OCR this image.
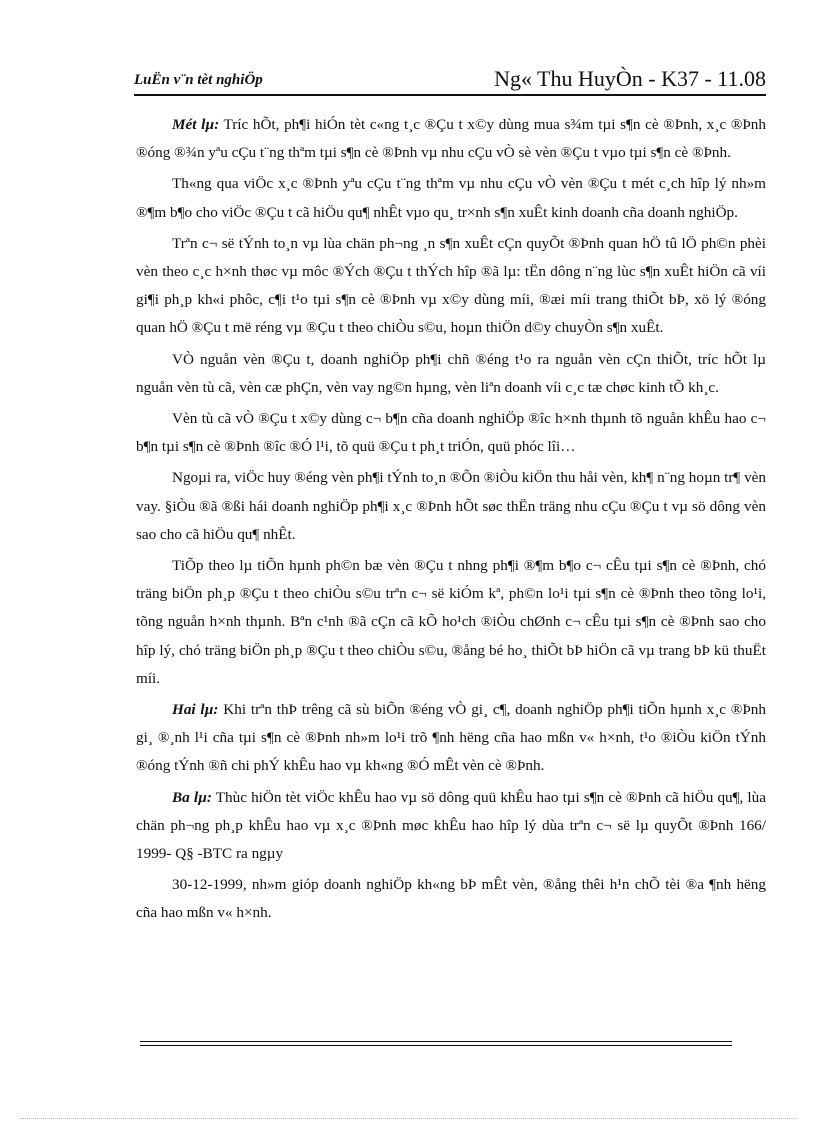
LuËn v¨n tèt nghiÖp	Ng« Thu HuyÒn - K37 - 11.08

Mét lµ: Tríc hÕt, ph¶i hiÓn tèt c«ng t¸c ®Çu t x©y dùng mua s¾m tµi s¶n cè ®Þnh, x¸c ®Þnh ®óng ®¾n yªu cÇu t¨ng thªm tµi s¶n cè ®Þnh vµ nhu cÇu vÒ sè vèn ®Çu t vµo tµi s¶n cè ®Þnh.

Th«ng qua viÖc x¸c ®Þnh yªu cÇu t¨ng thªm vµ nhu cÇu vÒ vèn ®Çu t mét c¸ch hîp lý nh»m ®¶m b¶o cho viÖc ®Çu t cã hiÖu qu¶ nhÊt vµo qu¸ tr×nh s¶n xuÊt kinh doanh cña doanh nghiÖp.

Trªn c¬ së tÝnh to¸n vµ lùa chän ph¬ng ¸n s¶n xuÊt cÇn quyÕt ®Þnh quan hÖ tû lÖ ph©n phèi vèn theo c¸c h×nh thøc vµ môc ®Ých ®Çu t thÝch hîp ®ã lµ: tËn dông n¨ng lùc s¶n xuÊt hiÖn cã víi gi¶i ph¸p kh«i phôc, c¶i t¹o tµi s¶n cè ®Þnh vµ x©y dùng míi, ®æi míi trang thiÕt bÞ, xö lý ®óng quan hÖ ®Çu t më réng vµ ®Çu t theo chiÒu s©u, hoµn thiÖn d©y chuyÒn s¶n xuÊt.

VÒ nguån vèn ®Çu t, doanh nghiÖp ph¶i chñ ®éng t¹o ra nguån vèn cÇn thiÕt, tríc hÕt lµ nguån vèn tù cã, vèn cæ phÇn, vèn vay ng©n hµng, vèn liªn doanh víi c¸c tæ chøc kinh tÕ kh¸c.

Vèn tù cã vÒ ®Çu t x©y dùng c¬ b¶n cña doanh nghiÖp ®îc h×nh thµnh tõ nguån khÊu hao c¬ b¶n tµi s¶n cè ®Þnh ®îc ®Ó l¹i, tõ quü ®Çu t ph¸t triÓn, quü phóc lîi…

Ngoµi ra, viÖc huy ®éng vèn ph¶i tÝnh to¸n ®Õn ®iÒu kiÖn thu håi vèn, kh¶ n¨ng hoµn tr¶ vèn vay. §iÒu ®ã ®ßi hái doanh nghiÖp ph¶i x¸c ®Þnh hÕt søc thËn träng nhu cÇu ®Çu t vµ sö dông vèn sao cho cã hiÖu qu¶ nhÊt.

TiÕp theo lµ tiÕn hµnh ph©n bæ vèn ®Çu t nhng ph¶i ®¶m b¶o c¬ cÊu tµi s¶n cè ®Þnh, chó träng biÖn ph¸p ®Çu t theo chiÒu s©u trªn c¬ së kiÓm kª, ph©n lo¹i tµi s¶n cè ®Þnh theo tõng lo¹i, tõng nguån h×nh thµnh. Bªn c¹nh ®ã cÇn cã kÕ ho¹ch ®iÒu chØnh c¬ cÊu tµi s¶n cè ®Þnh sao cho hîp lý, chó träng biÖn ph¸p ®Çu t theo chiÒu s©u, ®ång bé ho¸ thiÕt bÞ hiÖn cã vµ trang bÞ kü thuËt míi.

Hai lµ: Khi trªn thÞ trêng cã sù biÕn ®éng vÒ gi¸ c¶, doanh nghiÖp ph¶i tiÕn hµnh x¸c ®Þnh gi¸ ®¸nh l¹i cña tµi s¶n cè ®Þnh nh»m lo¹i trõ ¶nh hëng cña hao mßn v« h×nh, t¹o ®iÒu kiÖn tÝnh ®óng tÝnh ®ñ chi phÝ khÊu hao vµ kh«ng ®Ó mÊt vèn cè ®Þnh.

Ba lµ: Thùc hiÖn tèt viÖc khÊu hao vµ sö dông quü khÊu hao tµi s¶n cè ®Þnh cã hiÖu qu¶, lùa chän ph¬ng ph¸p khÊu hao vµ x¸c ®Þnh møc khÊu hao hîp lý dùa trªn c¬ së lµ quyÕt ®Þnh 166/ 1999- Q§ -BTC ra ngµy

30-12-1999, nh»m gióp doanh nghiÖp kh«ng bÞ mÊt vèn, ®ång thêi h¹n chÕ tèi ®a ¶nh hëng cña hao mßn v« h×nh.
